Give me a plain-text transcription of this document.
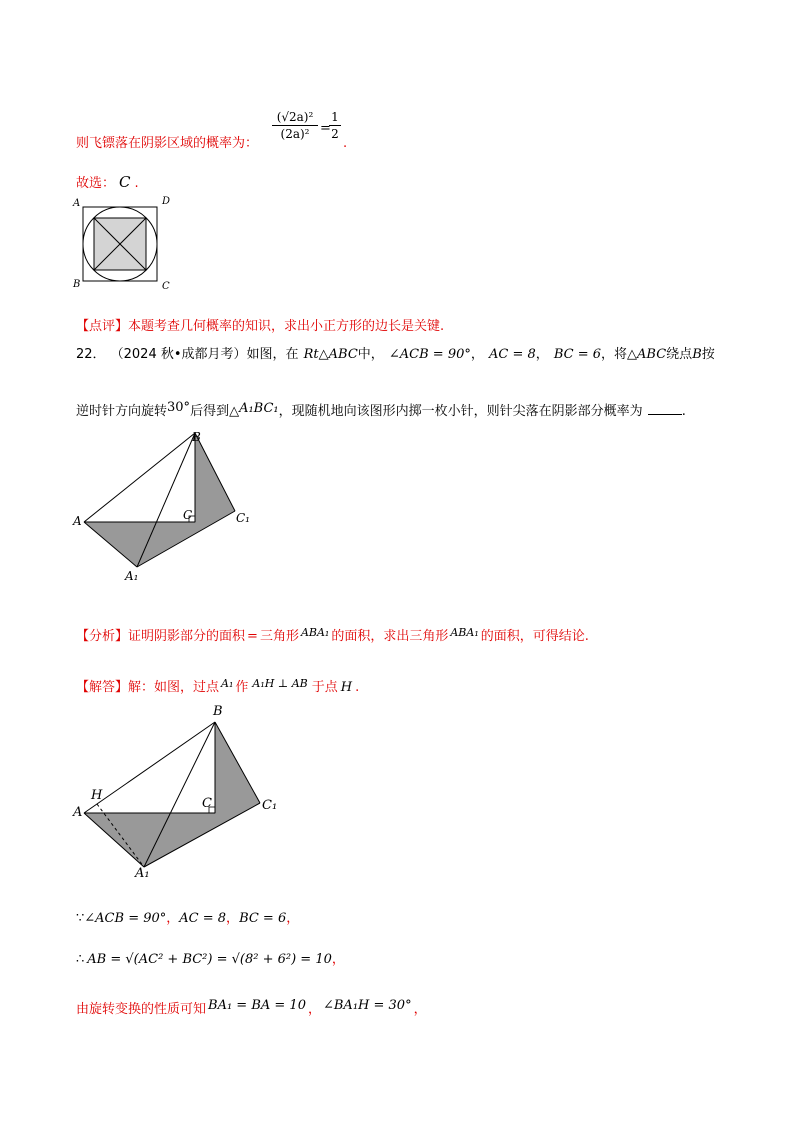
则飞镖落在阴影区域的概率为：
(√2a)²
(2a)² =
1
2
.
故选： C .
A	D
B	C
【点评】本题考查几何概率的知识，求出小正方形的边长是关键.
22． （2024 秋•成都月考）如图，在 Rt△ABC中， ∠ACB = 90°， AC = 8， BC = 6，将△ABC绕点B按
逆时针方向旋转$^{30^\circ}$后得到△A₁BC₁，现随机地向该图形内掷一枚小针，则针尖落在阴影部分概率为	.
B
A	C	C₁
A₁
【分析】证明阴影部分的面积 = 三角形 $^{ABA_1}$ 的面积，求出三角形 $^{ABA_1}$ 的面积，可得结论.
【解答】解：如图，过点 $^{A_1}$ 作 $^{A_1H \perp AB}$ 于点 H .
B
H
A
C	C₁
A₁
∵∠ACB = 90°，AC = 8，BC = 6，
∴ AB = √(AC² + BC²) = √(8² + 6²) = 10，
由旋转变换的性质可知 $^{BA_1 = BA = 10}$ ， $^{\angle BA_1H = 30^\circ}$ ，
